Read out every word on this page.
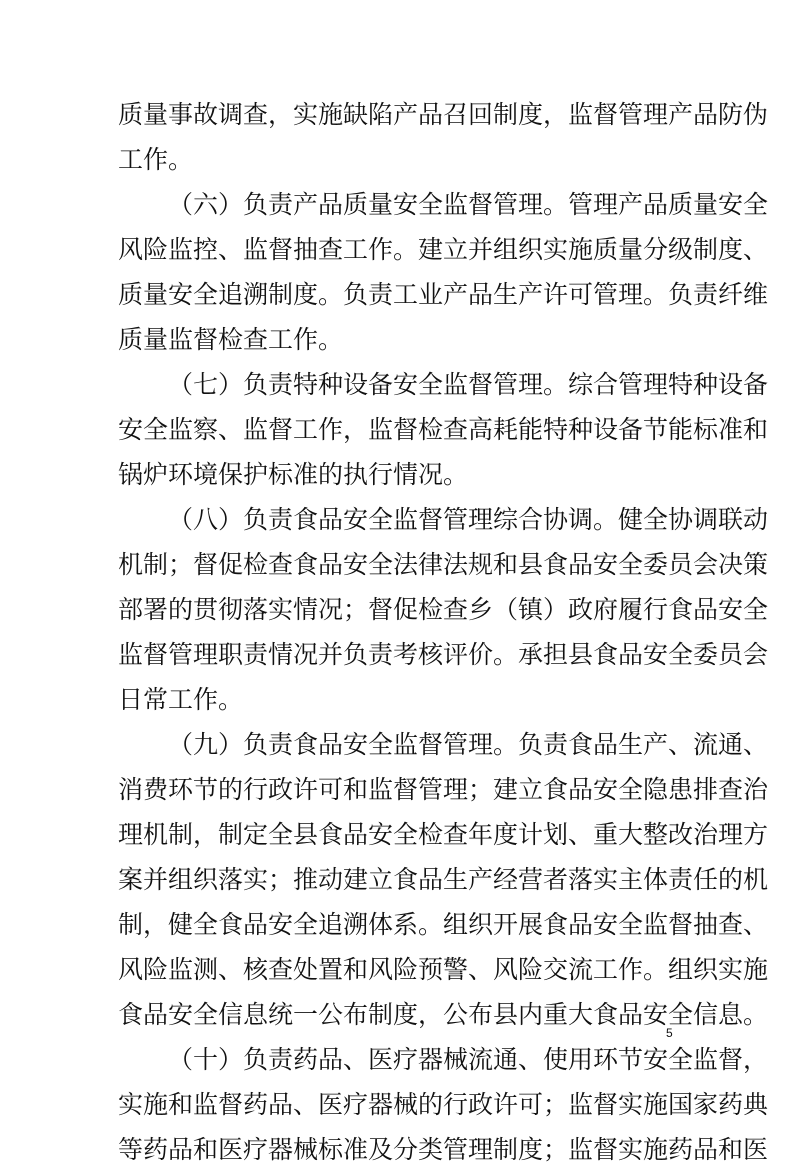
质量事故调查，实施缺陷产品召回制度，监督管理产品防伪
工作。
（六）负责产品质量安全监督管理。管理产品质量安全
风险监控、监督抽查工作。建立并组织实施质量分级制度、
质量安全追溯制度。负责工业产品生产许可管理。负责纤维
质量监督检查工作。
（七）负责特种设备安全监督管理。综合管理特种设备
安全监察、监督工作，监督检查高耗能特种设备节能标准和
锅炉环境保护标准的执行情况。
（八）负责食品安全监督管理综合协调。健全协调联动
机制；督促检查食品安全法律法规和县食品安全委员会决策
部署的贯彻落实情况；督促检查乡（镇）政府履行食品安全
监督管理职责情况并负责考核评价。承担县食品安全委员会
日常工作。
（九）负责食品安全监督管理。负责食品生产、流通、
消费环节的行政许可和监督管理；建立食品安全隐患排查治
理机制，制定全县食品安全检查年度计划、重大整改治理方
案并组织落实；推动建立食品生产经营者落实主体责任的机
制，健全食品安全追溯体系。组织开展食品安全监督抽查、
风险监测、核查处置和风险预警、风险交流工作。组织实施
食品安全信息统一公布制度，公布县内重大食品安全信息。
（十）负责药品、医疗器械流通、使用环节安全监督，
实施和监督药品、医疗器械的行政许可；监督实施国家药典
等药品和医疗器械标准及分类管理制度；监督实施药品和医
5
